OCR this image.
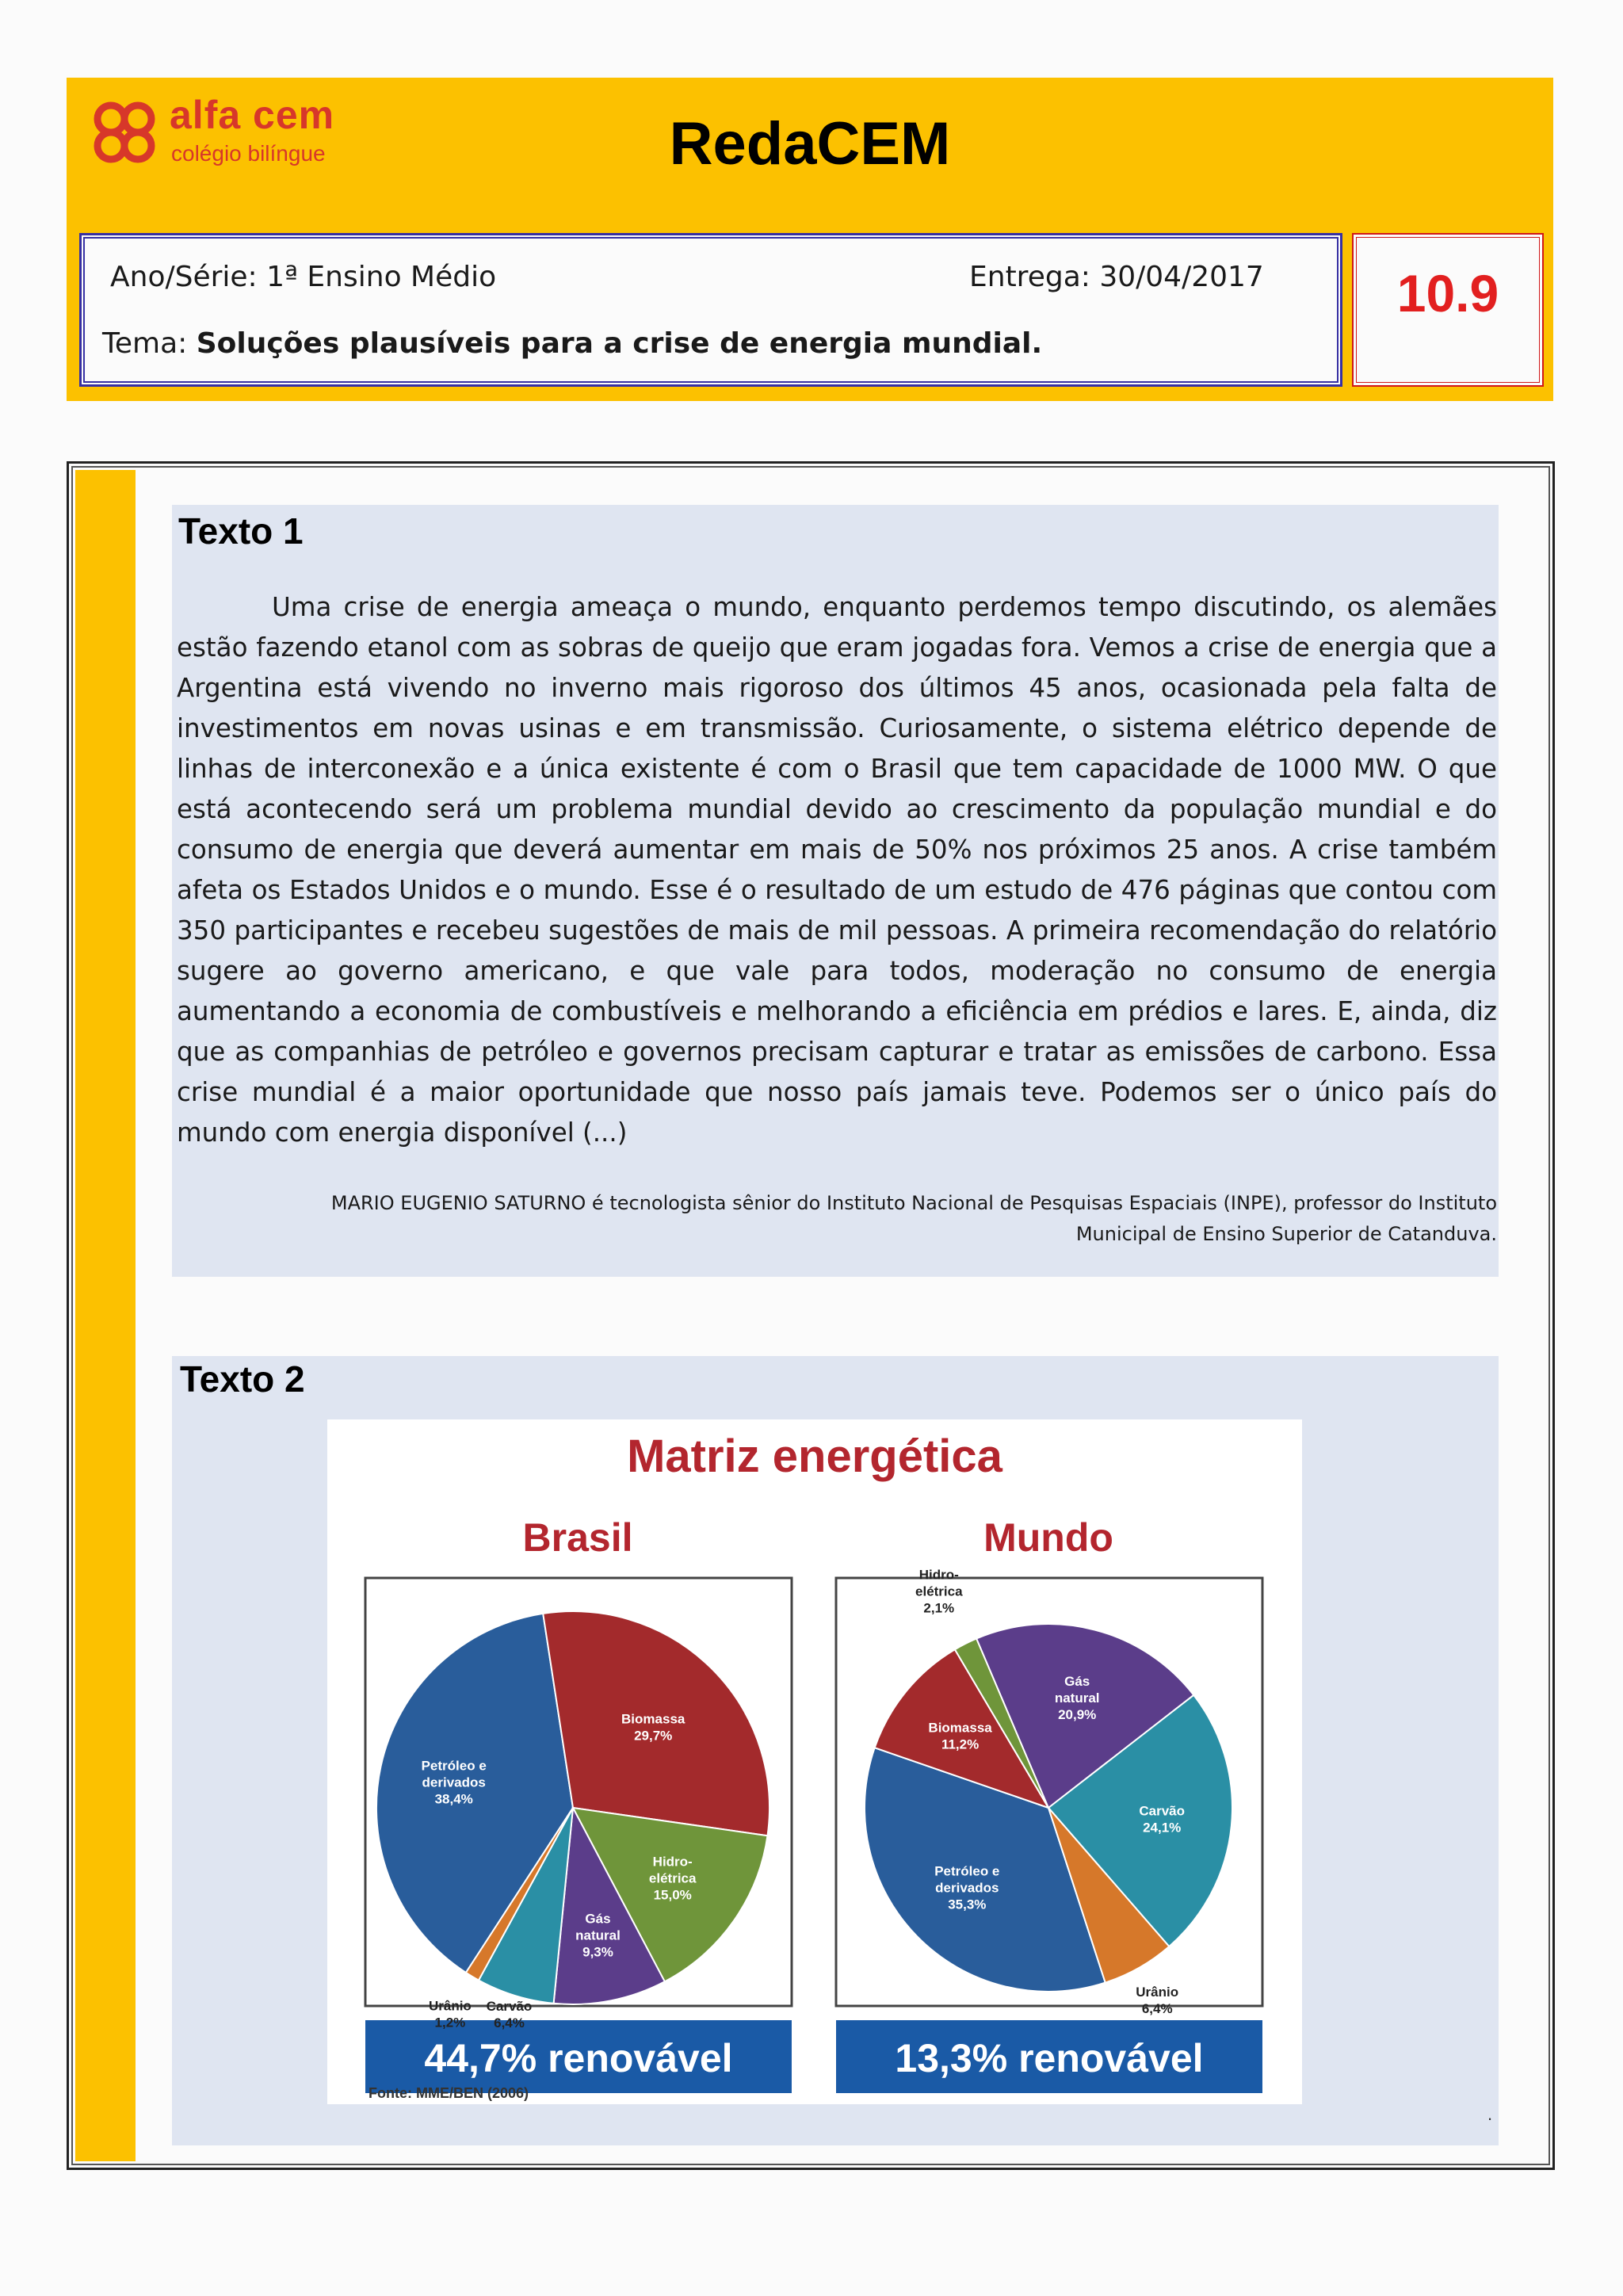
alfa cem
colégio bilíngue	RedaCEM
Ano/Série: 1ª Ensino Médio	Entrega: 30/04/2017
Tema: Soluções plausíveis para a crise de energia mundial.
10.9
Texto 1

Uma crise de energia ameaça o mundo, enquanto perdemos tempo discutindo, os alemães estão fazendo etanol com as sobras de queijo que eram jogadas fora. Vemos a crise de energia que a Argentina está vivendo no inverno mais rigoroso dos últimos 45 anos, ocasionada pela falta de investimentos em novas usinas e em transmissão. Curiosamente, o sistema elétrico depende de linhas de interconexão e a única existente é com o Brasil que tem capacidade de 1000 MW. O que está acontecendo será um problema mundial devido ao crescimento da população mundial e do consumo de energia que deverá aumentar em mais de 50% nos próximos 25 anos. A crise também afeta os Estados Unidos e o mundo. Esse é o resultado de um estudo de 476 páginas que contou com 350 participantes e recebeu sugestões de mais de mil pessoas. A primeira recomendação do relatório sugere ao governo americano, e que vale para todos, moderação no consumo de energia aumentando a economia de combustíveis e melhorando a eficiência em prédios e lares. E, ainda, diz que as companhias de petróleo e governos precisam capturar e tratar as emissões de carbono. Essa crise mundial é a maior oportunidade que nosso país jamais teve. Podemos ser o único país do mundo com energia disponível (...)

MARIO EUGENIO SATURNO é tecnologista sênior do Instituto Nacional de Pesquisas Espaciais (INPE), professor do Instituto
Municipal de Ensino Superior de Catanduva.

Texto 2
Matriz energética
Brasil
44,7% renovável
Petróleo e derivados 38,4%
Biomassa 29,7%
Hidro-elétrica 15,0%
Gás natural 9,3%
Carvão 6,4%
Urânio 1,2%
Mundo
13,3% renovável
Petróleo e derivados 35,3%
Biomassa 11,2%
Hidro-elétrica 2,1%
Gás natural 20,9%
Carvão 24,1%
Urânio 6,4%
Fonte: MME/BEN (2006)
.
